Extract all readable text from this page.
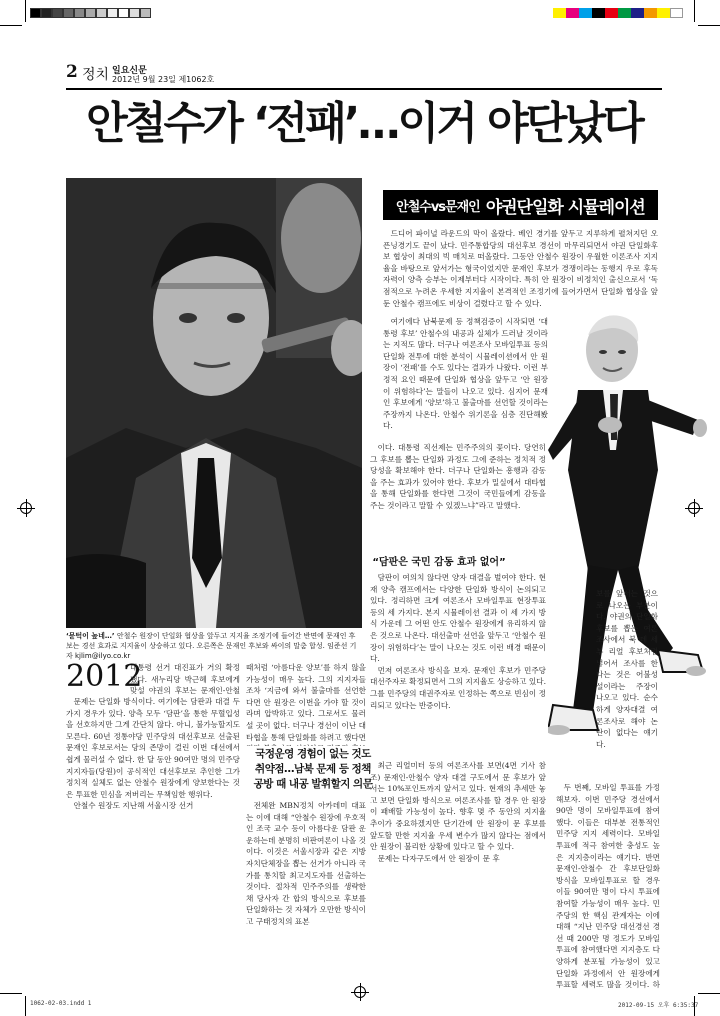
2 정치 일요신문
2012년 9월 23일 제1062호
안철수가 ‘전패’…이거 야단났다
‘묻턱이 높네…’ 안철수 원장이 단일화 협상을 앞두고 지지율 조정기에 들어간 반면에 문재인 후보는 경선 효과로 지지율이 상승하고 있다. 오른쪽은 문재인 후보와 싸이의 말춤 합성. 임준선 기자 kjlim@ilyo.co.kr
안철수vs문재인 야권단일화 시뮬레이션

드디어 파이널 라운드의 막이 올랐다. 베인 경기를 앞두고 지루하게 펼쳐지던 오픈닝경기도 끝이 났다. 민주통합당의 대선후보 경선이 마무리되면서 야권 단일화후보 협상이 최대의 빅 매치로 떠올랐다. 그동안 안철수 원장이 우월한 이론조사 지지율을 바탕으로 앞서가는 형국이었지만 문재인 후보가 경쟁이라는 동행지 우로 후독 자력이 양측 승부는 이제부터다 시작이다. 특히 안 원장이 비정치인 출신으로서 ‘독점적으로 누려온 우세한 지지율이 본격적인 조정기에 들어가면서 단일화 협상을 앞둔 안철수 캠프에도 비상이 걸렸다고 할 수 있다.

여기에다 남북문제 등 정책검증이 시작되면 ‘대통령 후보’ 안철수의 내공과 실체가 드러날 것이라는 지적도 많다. 더구나 여론조사 모바일투표 등의 단일화 전투에 대한 분석이 시뮬레이션에서 안 원장이 ‘전패’를 수도 있다는 결과가 나왔다. 이런 부정적 요인 때문에 단일화 협상을 앞두고 ‘안 원장이 위험하다’는 말들이 나오고 있다. 심지어 문재인 후보에게 ‘양보’하고 불출마를 선언할 것이라는 주장까지 나온다. 안철수 위기론을 심층 진단해봤다.

이다. 대통령 직선제는 민주주의의 꽃이다. 당연히 그 후보를 뽑는 단일화 과정도 그에 준하는 정치적 정당성을 확보해야 한다. 더구나 단일화는 흥행과 감동을 주는 효과가 있어야 한다. 후보가 밀실에서 대타협을 통해 단일화를 한다면 그것이 국민들에게 감동을 주는 것이라고 말할 수 있겠느냐”라고 말했다.

“담판은 국민 감동 효과 없어”

담판이 여의치 않다면 양자 대결을 벌여야 한다. 현재 양측 캠프에서는 다양한 단일화 방식이 논의되고 있다. 정리하면 크게 여론조사 모바일투표 현장투표 등의 세 가지다. 본지 시뮬레이션 결과 이 세 가지 방식 가운데 그 어떤 안도 안철수 원장에게 유리하지 않은 것으로 나온다. 대선출마 선언을 앞두고 ‘안철수 원장이 위험하다’는 말이 나오는 것도 이런 배경 때문이다.

먼저 여론조사 방식을 보자. 문재인 후보가 민주당 대선주자로 확정되면서 그의 지지율도 상승하고 있다. 그를 민주당의 대권주자로 인정하는 쪽으로 빈심이 정리되고 있다는 반증이다.

최근 리얼미터 등의 여론조사를 보면(4면 기사 참조) 문재인-안철수 양자 대결 구도에서 문 후보가 앞서는 10%포인트까지 앞서고 있다. 현재의 추세만 놓고 보면 단일화 방식으로 여론조사를 할 경우 안 원장이 패배할 가능성이 높다. 향후 몇 주 동안의 지지율 추이가 중요하겠지만 단기간에 안 원장이 문 후보를 앞도할 만한 지지율 우세 변수가 많지 않다는 점에서 안 원장이 불리한 상황에 있다고 할 수 있다.

문제는 다자구도에서 안 원장이 문 후

2012

대통령 선거 대진표가 거의 확정됐다. 새누리당 박근혜 후보에게 맞설 야권의 후보는 문재인-안철

문제는 단일화 방식이다. 여기에는 담판과 대결 두 가지 경우가 있다. 양측 모두 ‘담판’을 통한 무혈입성을 선호하지만 그게 간단치 않다. 아니, 불가능할지도 모른다. 60년 정통야당 민주당의 대선후보로 선출된 문재인 후보로서는 당의 존망이 걸린 이번 대선에서 쉽게 물러설 수 없다. 한 달 동안 90여만 명의 민주당 지지자들(당원)이 공식적인 대선후보로 추인한 그가 정치적 실체도 없는 안철수 원장에게 양보한다는 것은 투표한 민심을 저버리는 무책임한 행위다.

안철수 원장도 지난해 서울시장 선거

때처럼 ‘아름다운 양보’를 하지 않을 가능성이 매우 높다. 그의 지지자들조차 ‘지금에 와서 불출마를 선언한다면 안 원장은 이번을 가야 할 것이라며 압박하고 있다. 그로서도 물러설 곳이 없다. 더구나 경선이 이난 대타협을 통해 단일화를 하려고 했다면

국정운영 경험이 없는 것도 취약점…남북 문제 등 정책 공방 때 내공 발휘할지 의문

전체완 MBN정치 아카데미 대표는 이에 대해 “안철수 원장에 우호적인 조국 교수 등이 아름다운 담판 운운하는데 분명히 비판여론이 나올 것이다. 이것은 서울시장과 같은 지방자치단체장을 뽑는 선거가 아니라 국가를 통치할 최고지도자를 선출하는 것이다. 절차적 민주주의를 생략한 채 당사자 간 합의 방식으로 후보를 단일화하는 것 자체가 오만한 방식이고 구태정치의 표본

보를 앞서는 것으로 나오는 부분이다. 야권의 단일화 후보를 뽑는 여론조사에서 북 데 세부 리얼 후보처럼 넣어서 조사를 한다는 것은 어불성설이라는 주장이 나오고 있다. 순수하게 양자대결 여론조사로 해야 논란이 없다는 얘기다.

두 번째, 모바일 투표를 가정해보자. 이번 민주당 경선에서 90만 명이 모바일투표에 참여했다. 이들은 대부분 전통적인 민주당 지지 세력이다. 모바일투표에 적극 참여한 충성도 높은 지지층이라는 얘기다. 반면 문재인-안철수 간 후보단일화 방식을 모바일투표로 할 경우 이들 90여만 명이 다시 투표에 참여할 가능성이 매우 높다. 민주당의 한 핵심 관계자는 이에 대해 “지난 민주당 대선경선 경선 때 200만 명 정도가 모바일투표에 참여했다면 지지층도 다양하게 분포될 가능성이 있고 단일화 과정에서 안 원장에게 투표할 세력도 많을 것이다. 하

1062-02-03.indd 1	2012-09-15 오후 6:35:37
